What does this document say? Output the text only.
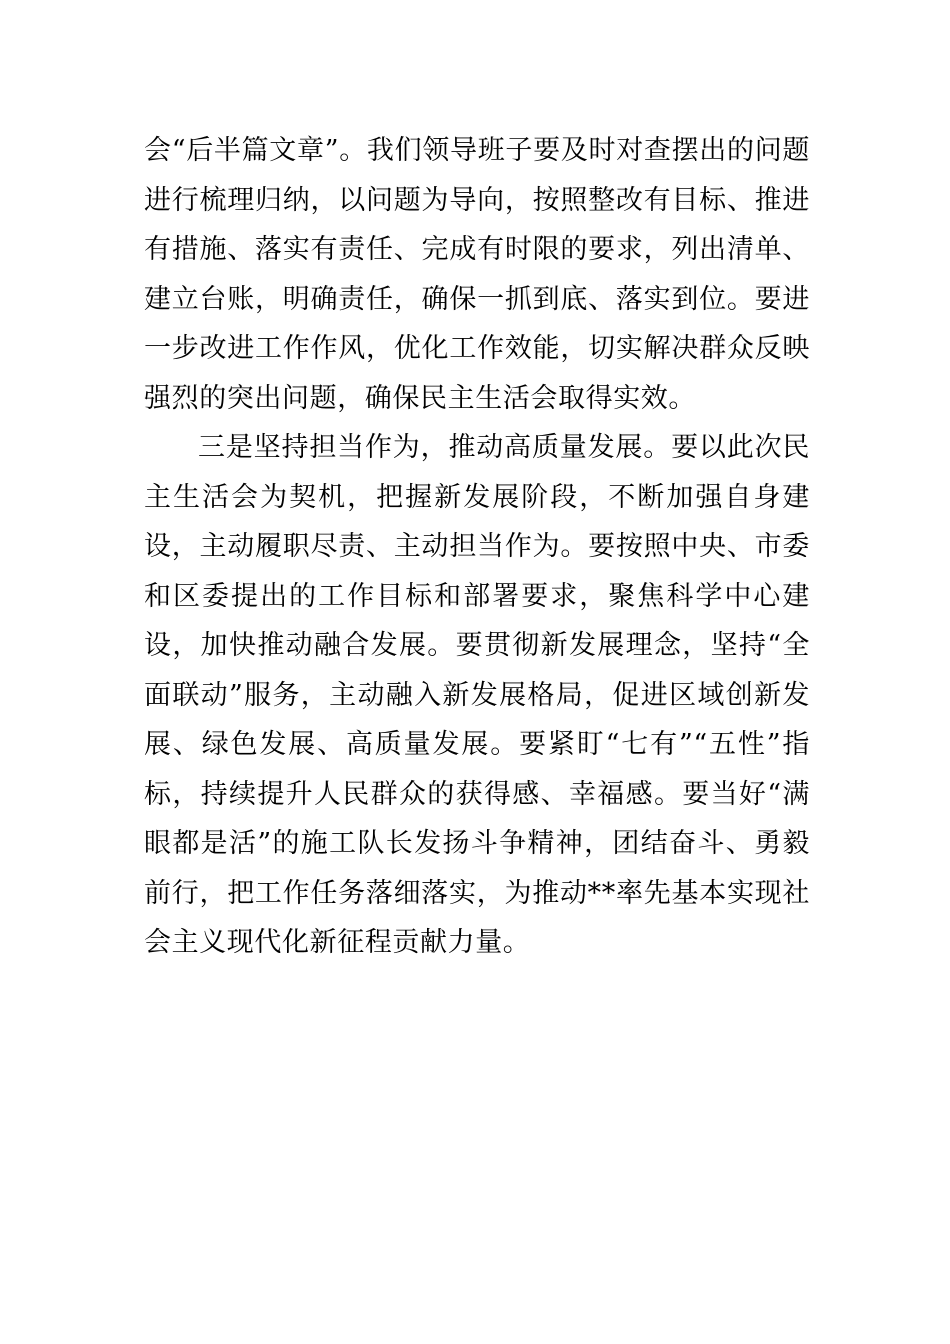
会“后半篇文章”。我们领导班子要及时对查摆出的问题进行梳理归纳，以问题为导向，按照整改有目标、推进有措施、落实有责任、完成有时限的要求，列出清单、建立台账，明确责任，确保一抓到底、落实到位。要进一步改进工作作风，优化工作效能，切实解决群众反映强烈的突出问题，确保民主生活会取得实效。

三是坚持担当作为，推动高质量发展。要以此次民主生活会为契机，把握新发展阶段，不断加强自身建设，主动履职尽责、主动担当作为。要按照中央、市委和区委提出的工作目标和部署要求，聚焦科学中心建设，加快推动融合发展。要贯彻新发展理念，坚持“全面联动”服务，主动融入新发展格局，促进区域创新发展、绿色发展、高质量发展。要紧盯“七有”“五性”指标，持续提升人民群众的获得感、幸福感。要当好“满眼都是活”的施工队长发扬斗争精神，团结奋斗、勇毅前行，把工作任务落细落实，为推动**率先基本实现社会主义现代化新征程贡献力量。
